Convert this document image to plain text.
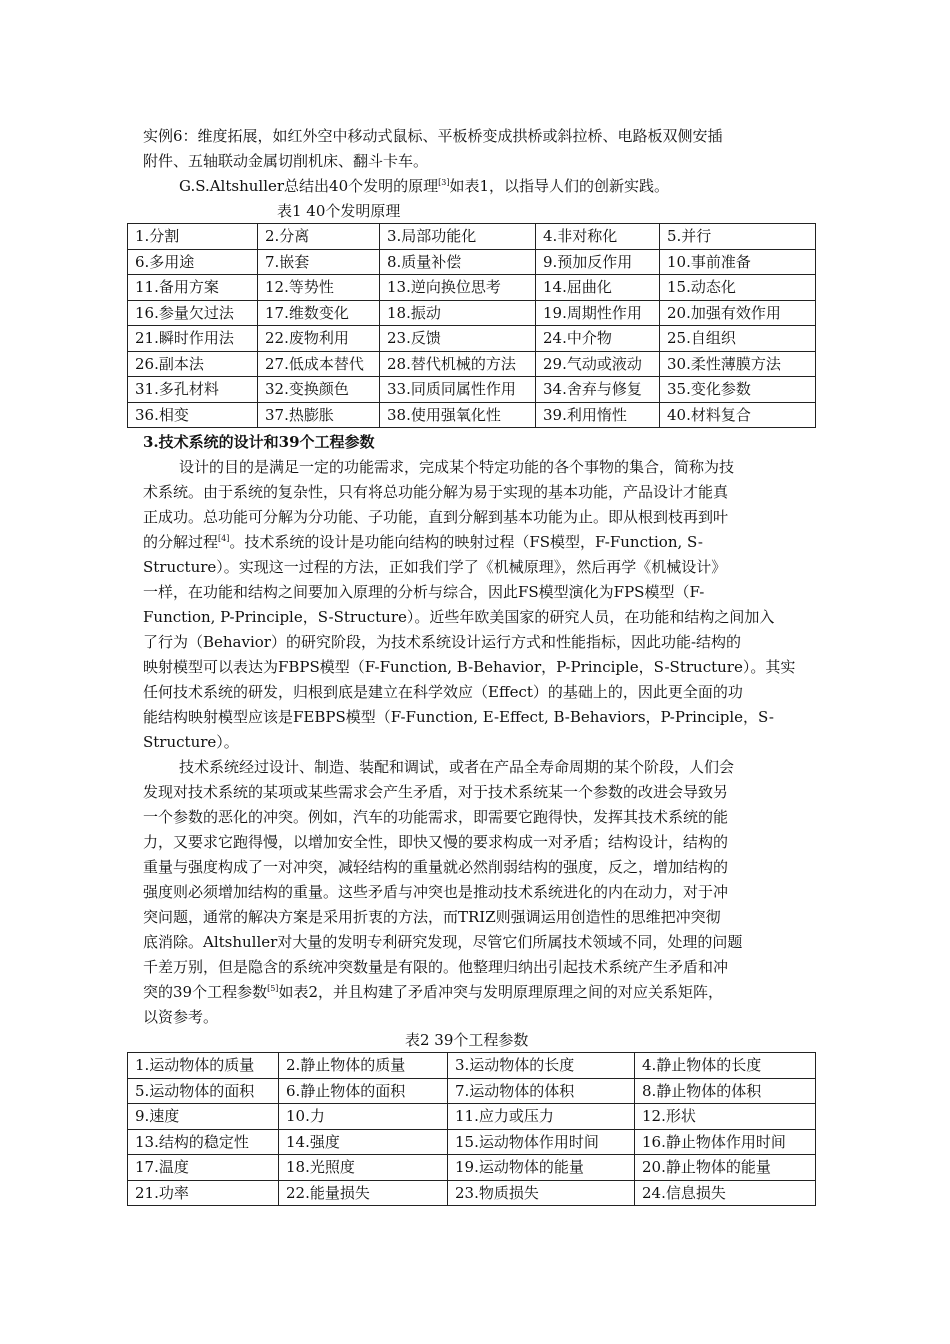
实例6：维度拓展，如红外空中移动式鼠标、平板桥变成拱桥或斜拉桥、电路板双侧安插
附件、五轴联动金属切削机床、翻斗卡车。
G.S.Altshuller总结出40个发明的原理[3]如表1，以指导人们的创新实践。
表1 40个发明原理
1.分割	2.分离	3.局部功能化	4.非对称化	5.并行
6.多用途	7.嵌套	8.质量补偿	9.预加反作用	10.事前准备
11.备用方案	12.等势性	13.逆向换位思考	14.屈曲化	15.动态化
16.参量欠过法	17.维数变化	18.振动	19.周期性作用	20.加强有效作用
21.瞬时作用法	22.废物利用	23.反馈	24.中介物	25.自组织
26.副本法	27.低成本替代	28.替代机械的方法	29.气动或液动	30.柔性薄膜方法
31.多孔材料	32.变换颜色	33.同质同属性作用	34.舍弃与修复	35.变化参数
36.相变	37.热膨胀	38.使用强氧化性	39.利用惰性	40.材料复合
3.技术系统的设计和39个工程参数
设计的目的是满足一定的功能需求，完成某个特定功能的各个事物的集合，简称为技
术系统。由于系统的复杂性，只有将总功能分解为易于实现的基本功能，产品设计才能真
正成功。总功能可分解为分功能、子功能，直到分解到基本功能为止。即从根到枝再到叶
的分解过程[4]。技术系统的设计是功能向结构的映射过程（FS模型，F-Function, S-
Structure）。实现这一过程的方法，正如我们学了《机械原理》，然后再学《机械设计》
一样，在功能和结构之间要加入原理的分析与综合，因此FS模型演化为FPS模型（F-
Function, P-Principle，S-Structure）。近些年欧美国家的研究人员，在功能和结构之间加入
了行为（Behavior）的研究阶段，为技术系统设计运行方式和性能指标，因此功能-结构的
映射模型可以表达为FBPS模型（F-Function, B-Behavior，P-Principle，S-Structure）。其实
任何技术系统的研发，归根到底是建立在科学效应（Effect）的基础上的，因此更全面的功
能结构映射模型应该是FEBPS模型（F-Function, E-Effect, B-Behaviors，P-Principle，S-
Structure）。
技术系统经过设计、制造、装配和调试，或者在产品全寿命周期的某个阶段，人们会
发现对技术系统的某项或某些需求会产生矛盾，对于技术系统某一个参数的改进会导致另
一个参数的恶化的冲突。例如，汽车的功能需求，即需要它跑得快，发挥其技术系统的能
力，又要求它跑得慢，以增加安全性，即快又慢的要求构成一对矛盾；结构设计，结构的
重量与强度构成了一对冲突，减轻结构的重量就必然削弱结构的强度，反之，增加结构的
强度则必须增加结构的重量。这些矛盾与冲突也是推动技术系统进化的内在动力，对于冲
突问题，通常的解决方案是采用折衷的方法，而TRIZ则强调运用创造性的思维把冲突彻
底消除。Altshuller对大量的发明专利研究发现，尽管它们所属技术领域不同，处理的问题
千差万别，但是隐含的系统冲突数量是有限的。他整理归纳出引起技术系统产生矛盾和冲
突的39个工程参数[5]如表2，并且构建了矛盾冲突与发明原理原理之间的对应关系矩阵，
以资参考。
表2 39个工程参数
1.运动物体的质量	2.静止物体的质量	3.运动物体的长度	4.静止物体的长度
5.运动物体的面积	6.静止物体的面积	7.运动物体的体积	8.静止物体的体积
9.速度	10.力	11.应力或压力	12.形状
13.结构的稳定性	14.强度	15.运动物体作用时间	16.静止物体作用时间
17.温度	18.光照度	19.运动物体的能量	20.静止物体的能量
21.功率	22.能量损失	23.物质损失	24.信息损失
